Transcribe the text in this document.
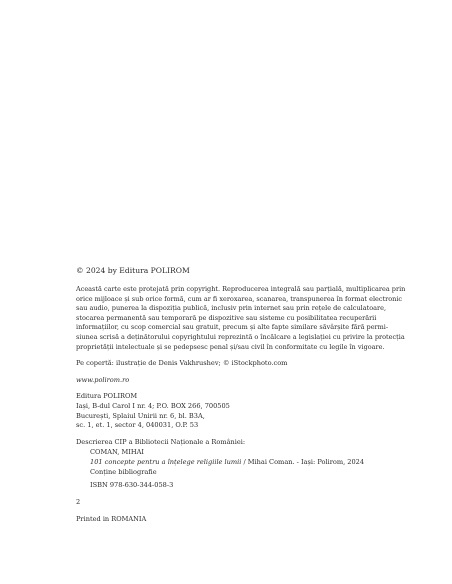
© 2024 by Editura POLIROM

Această carte este protejată prin copyright. Reproducerea integrală sau parțială, multiplicarea prin
orice mijloace și sub orice formă, cum ar fi xeroxarea, scanarea, transpunerea în format electronic
sau audio, punerea la dispoziția publică, inclusiv prin internet sau prin rețele de calculatoare,
stocarea permanentă sau temporară pe dispozitive sau sisteme cu posibilitatea recuperării
informațiilor, cu scop comercial sau gratuit, precum și alte fapte similare săvârșite fără permi-
siunea scrisă a deținătorului copyrightului reprezintă o încălcare a legislației cu privire la protecția
proprietății intelectuale și se pedepsesc penal și/sau civil în conformitate cu legile în vigoare.
Pe copertă: ilustrație de Denis Vakhrushev; © iStockphoto.com
www.polirom.ro
Editura POLIROM
Iași, B-dul Carol I nr. 4; P.O. BOX 266, 700505
București, Splaiul Unirii nr. 6, bl. B3A,
sc. 1, et. 1, sector 4, 040031, O.P. 53
Descrierea CIP a Bibliotecii Naționale a României:
COMAN, MIHAI
101 concepte pentru a înțelege religiile lumii / Mihai Coman. - Iași: Polirom, 2024
Conține bibliografie
ISBN 978-630-344-058-3
2
Printed in ROMANIA
